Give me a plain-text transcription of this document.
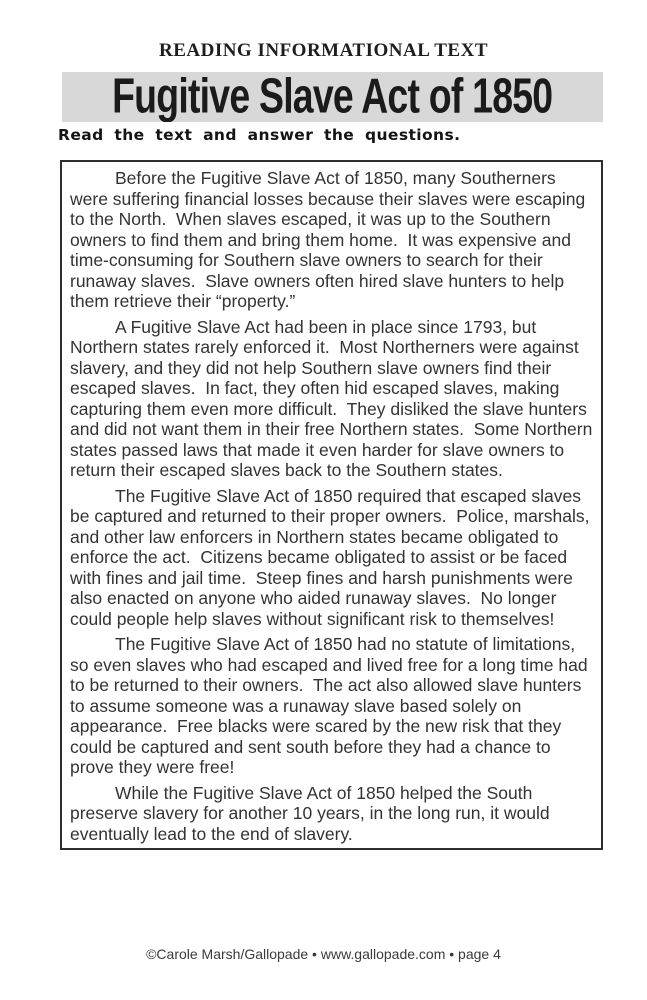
READING INFORMATIONAL TEXT
Fugitive Slave Act of 1850
Read the text and answer the questions.

Before the Fugitive Slave Act of 1850, many Southerners were suffering financial losses because their slaves were escaping to the North.  When slaves escaped, it was up to the Southern owners to find them and bring them home.  It was expensive and time-consuming for Southern slave owners to search for their runaway slaves.  Slave owners often hired slave hunters to help them retrieve their “property.”

A Fugitive Slave Act had been in place since 1793, but Northern states rarely enforced it.  Most Northerners were against slavery, and they did not help Southern slave owners find their escaped slaves.  In fact, they often hid escaped slaves, making capturing them even more difficult.  They disliked the slave hunters and did not want them in their free Northern states.  Some Northern states passed laws that made it even harder for slave owners to return their escaped slaves back to the Southern states.

The Fugitive Slave Act of 1850 required that escaped slaves be captured and returned to their proper owners.  Police, marshals, and other law enforcers in Northern states became obligated to enforce the act.  Citizens became obligated to assist or be faced with fines and jail time.  Steep fines and harsh punishments were also enacted on anyone who aided runaway slaves.  No longer could people help slaves without significant risk to themselves!

The Fugitive Slave Act of 1850 had no statute of limitations, so even slaves who had escaped and lived free for a long time had to be returned to their owners.  The act also allowed slave hunters to assume someone was a runaway slave based solely on appearance.  Free blacks were scared by the new risk that they could be captured and sent south before they had a chance to prove they were free!

While the Fugitive Slave Act of 1850 helped the South preserve slavery for another 10 years, in the long run, it would eventually lead to the end of slavery.

©Carole Marsh/Gallopade • www.gallopade.com • page 4
